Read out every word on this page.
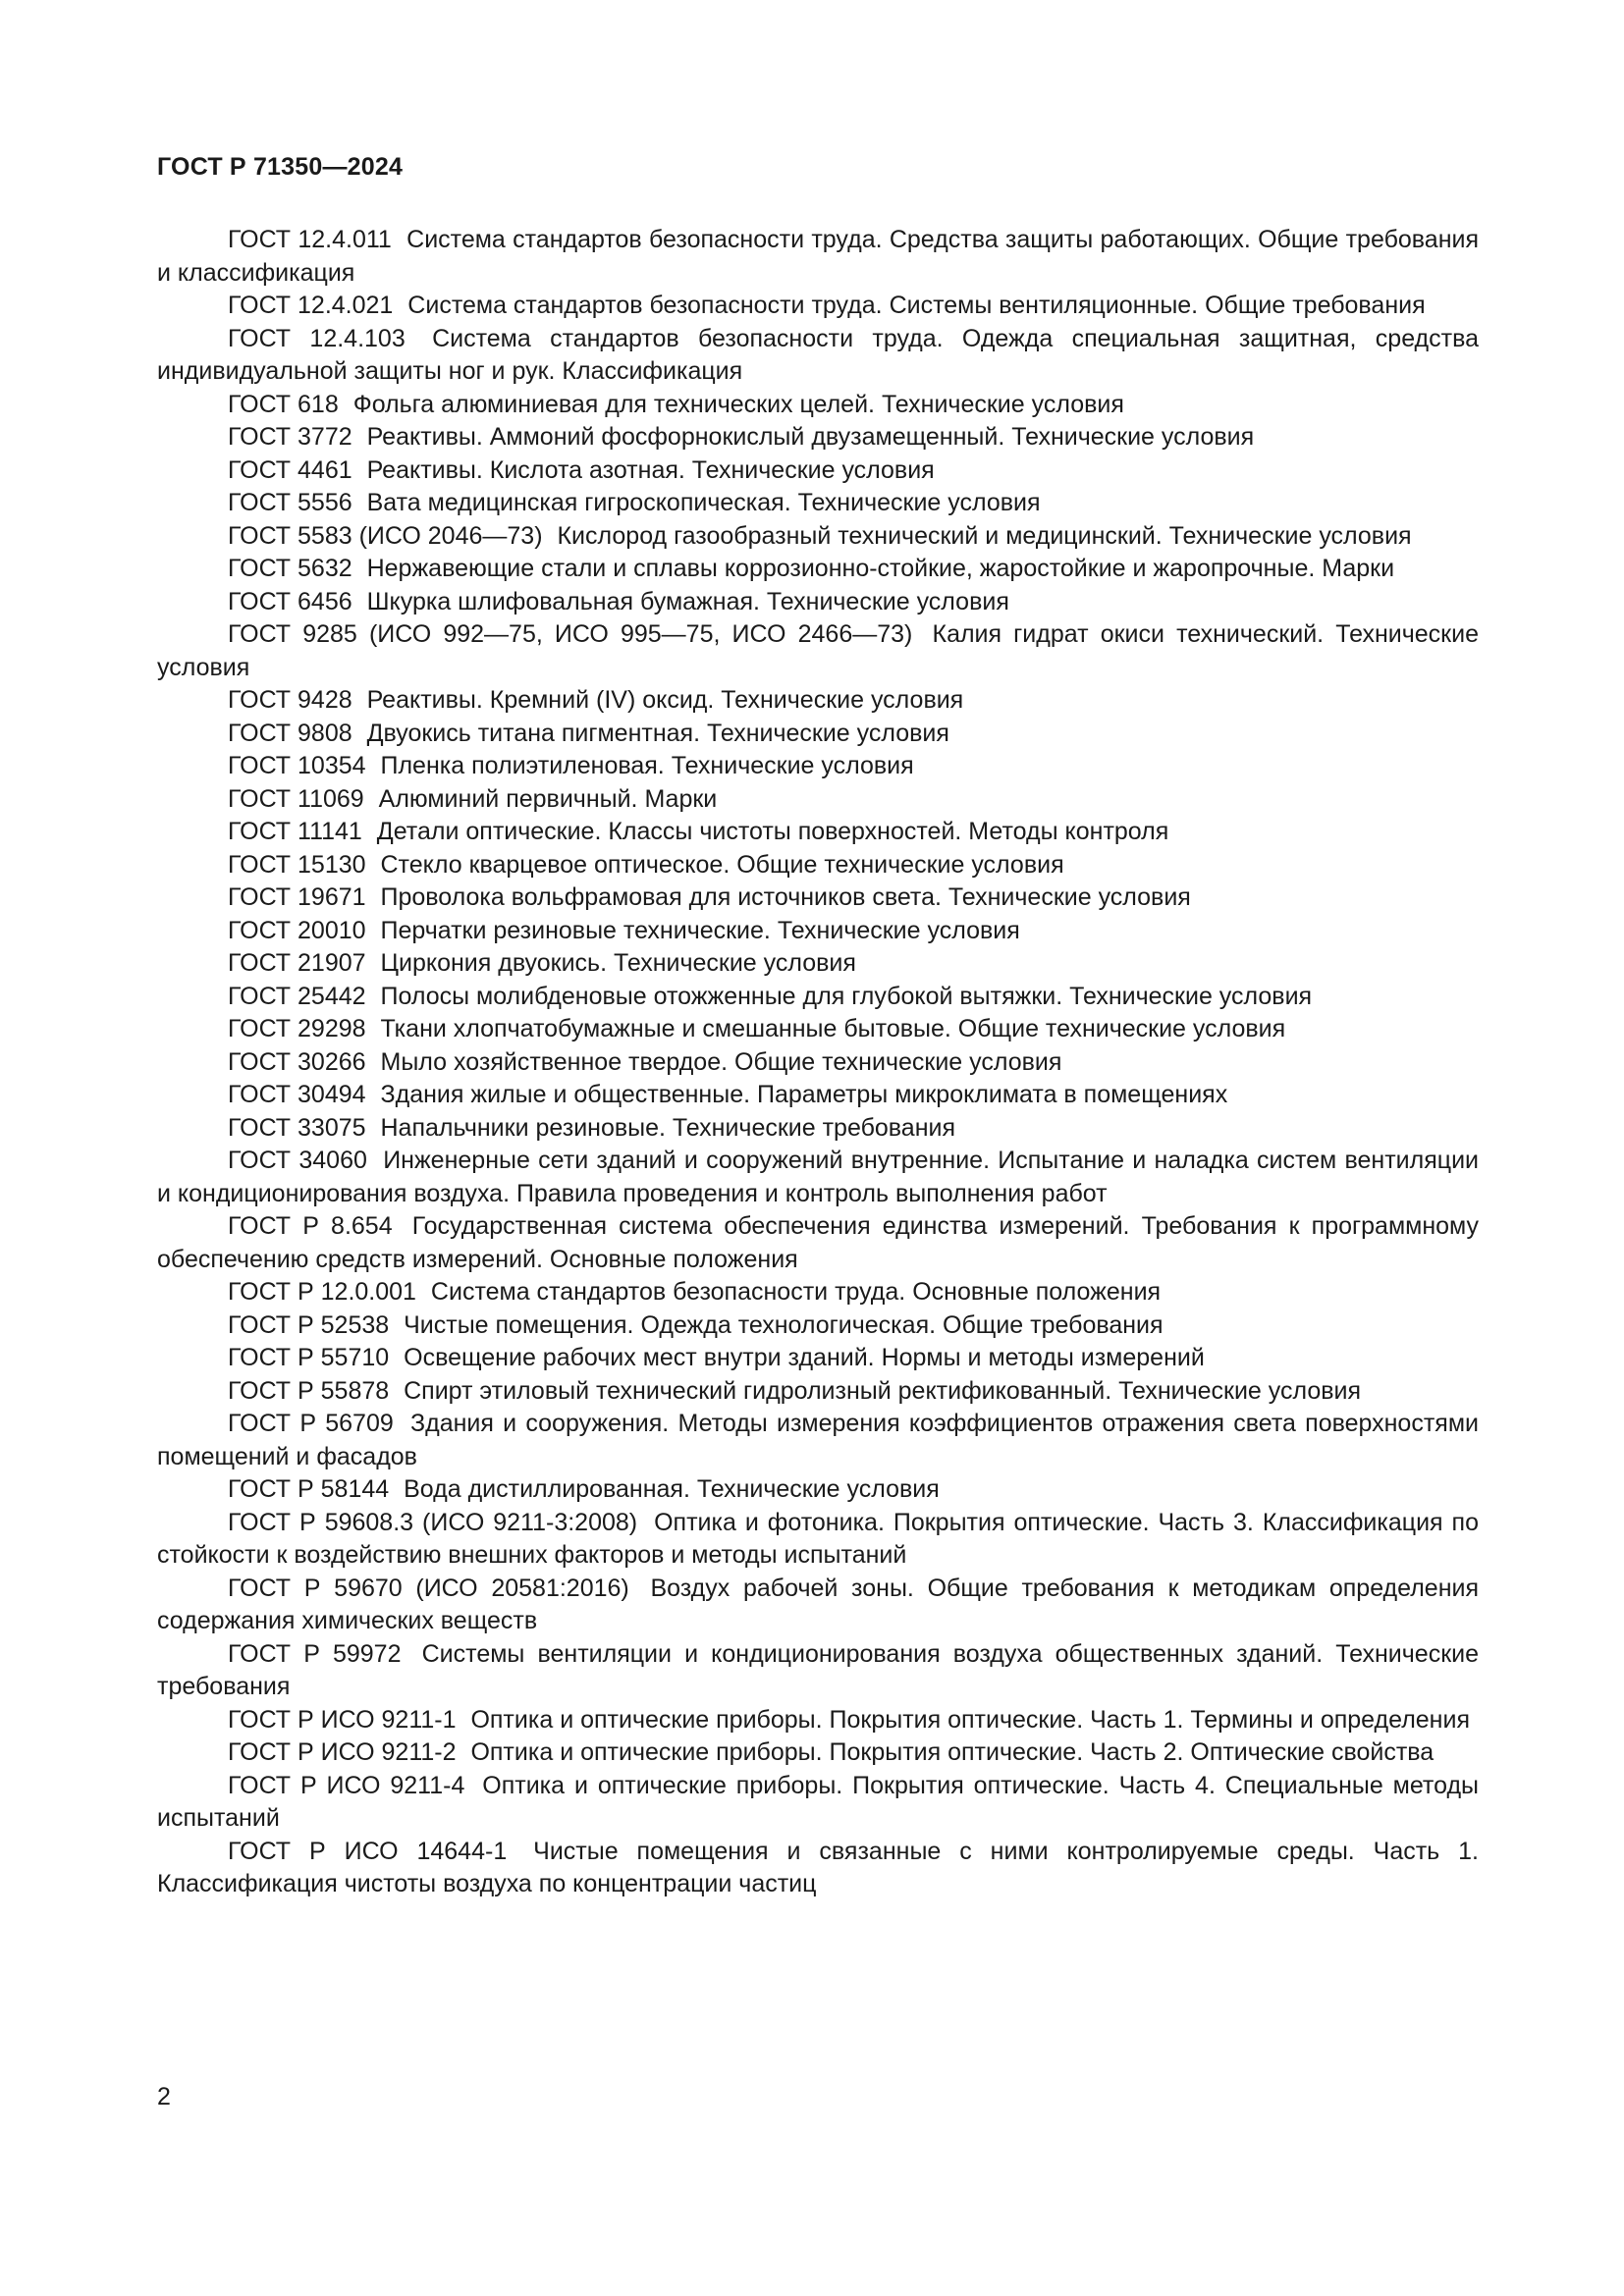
ГОСТ Р 71350—2024
ГОСТ 12.4.011 Система стандартов безопасности труда. Средства защиты работающих. Общие требования и классификация
ГОСТ 12.4.021 Система стандартов безопасности труда. Системы вентиляционные. Общие требования
ГОСТ 12.4.103 Система стандартов безопасности труда. Одежда специальная защитная, средства индивидуальной защиты ног и рук. Классификация
ГОСТ 618 Фольга алюминиевая для технических целей. Технические условия
ГОСТ 3772 Реактивы. Аммоний фосфорнокислый двузамещенный. Технические условия
ГОСТ 4461 Реактивы. Кислота азотная. Технические условия
ГОСТ 5556 Вата медицинская гигроскопическая. Технические условия
ГОСТ 5583 (ИСО 2046—73) Кислород газообразный технический и медицинский. Технические условия
ГОСТ 5632 Нержавеющие стали и сплавы коррозионно-стойкие, жаростойкие и жаропрочные. Марки
ГОСТ 6456 Шкурка шлифовальная бумажная. Технические условия
ГОСТ 9285 (ИСО 992—75, ИСО 995—75, ИСО 2466—73) Калия гидрат окиси технический. Технические условия
ГОСТ 9428 Реактивы. Кремний (IV) оксид. Технические условия
ГОСТ 9808 Двуокись титана пигментная. Технические условия
ГОСТ 10354 Пленка полиэтиленовая. Технические условия
ГОСТ 11069 Алюминий первичный. Марки
ГОСТ 11141 Детали оптические. Классы чистоты поверхностей. Методы контроля
ГОСТ 15130 Стекло кварцевое оптическое. Общие технические условия
ГОСТ 19671 Проволока вольфрамовая для источников света. Технические условия
ГОСТ 20010 Перчатки резиновые технические. Технические условия
ГОСТ 21907 Циркония двуокись. Технические условия
ГОСТ 25442 Полосы молибденовые отожженные для глубокой вытяжки. Технические условия
ГОСТ 29298 Ткани хлопчатобумажные и смешанные бытовые. Общие технические условия
ГОСТ 30266 Мыло хозяйственное твердое. Общие технические условия
ГОСТ 30494 Здания жилые и общественные. Параметры микроклимата в помещениях
ГОСТ 33075 Напальчники резиновые. Технические требования
ГОСТ 34060 Инженерные сети зданий и сооружений внутренние. Испытание и наладка систем вентиляции и кондиционирования воздуха. Правила проведения и контроль выполнения работ
ГОСТ Р 8.654 Государственная система обеспечения единства измерений. Требования к программному обеспечению средств измерений. Основные положения
ГОСТ Р 12.0.001 Система стандартов безопасности труда. Основные положения
ГОСТ Р 52538 Чистые помещения. Одежда технологическая. Общие требования
ГОСТ Р 55710 Освещение рабочих мест внутри зданий. Нормы и методы измерений
ГОСТ Р 55878 Спирт этиловый технический гидролизный ректификованный. Технические условия
ГОСТ Р 56709 Здания и сооружения. Методы измерения коэффициентов отражения света поверхностями помещений и фасадов
ГОСТ Р 58144 Вода дистиллированная. Технические условия
ГОСТ Р 59608.3 (ИСО 9211-3:2008) Оптика и фотоника. Покрытия оптические. Часть 3. Классификация по стойкости к воздействию внешних факторов и методы испытаний
ГОСТ Р 59670 (ИСО 20581:2016) Воздух рабочей зоны. Общие требования к методикам определения содержания химических веществ
ГОСТ Р 59972 Системы вентиляции и кондиционирования воздуха общественных зданий. Технические требования
ГОСТ Р ИСО 9211-1 Оптика и оптические приборы. Покрытия оптические. Часть 1. Термины и определения
ГОСТ Р ИСО 9211-2 Оптика и оптические приборы. Покрытия оптические. Часть 2. Оптические свойства
ГОСТ Р ИСО 9211-4 Оптика и оптические приборы. Покрытия оптические. Часть 4. Специальные методы испытаний
ГОСТ Р ИСО 14644-1 Чистые помещения и связанные с ними контролируемые среды. Часть 1. Классификация чистоты воздуха по концентрации частиц
2
